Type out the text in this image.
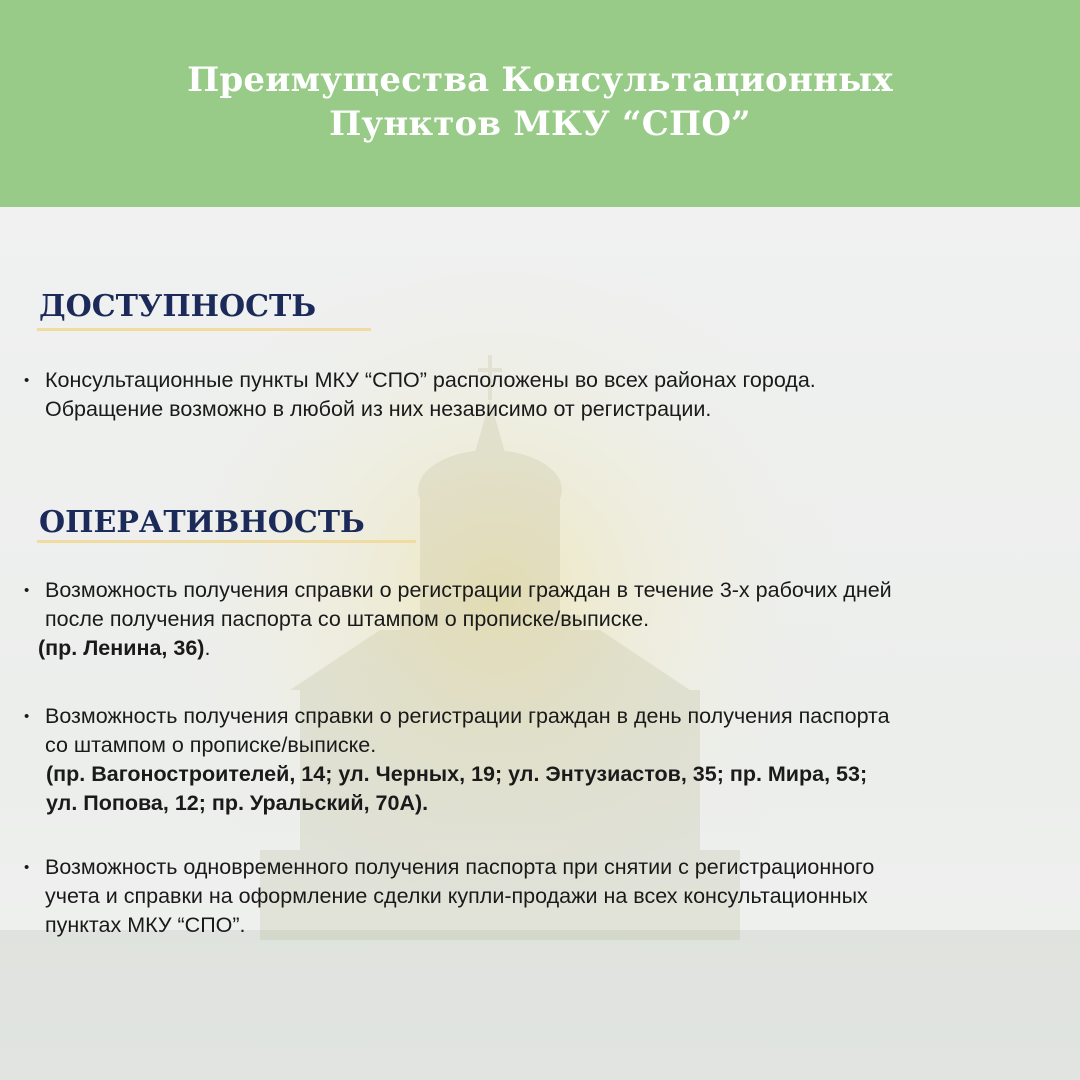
Преимущества Консультационных
Пунктов МКУ “СПО”
ДОСТУПНОСТЬ
• Консультационные пункты МКУ “СПО” расположены во всех районах города.
Обращение возможно в любой из них независимо от регистрации.
ОПЕРАТИВНОСТЬ
• Возможность получения справки о регистрации граждан в течение 3-х рабочих дней
после получения паспорта со штампом о прописке/выписке.
(пр. Ленина, 36).
• Возможность получения справки о регистрации граждан в день получения паспорта
со штампом о прописке/выписке.
(пр. Вагоностроителей, 14; ул. Черных, 19; ул. Энтузиастов, 35; пр. Мира, 53;
ул. Попова, 12; пр. Уральский, 70А).
• Возможность одновременного получения паспорта при снятии с регистрационного
учета и справки на оформление сделки купли-продажи на всех консультационных
пунктах МКУ “СПО”.
